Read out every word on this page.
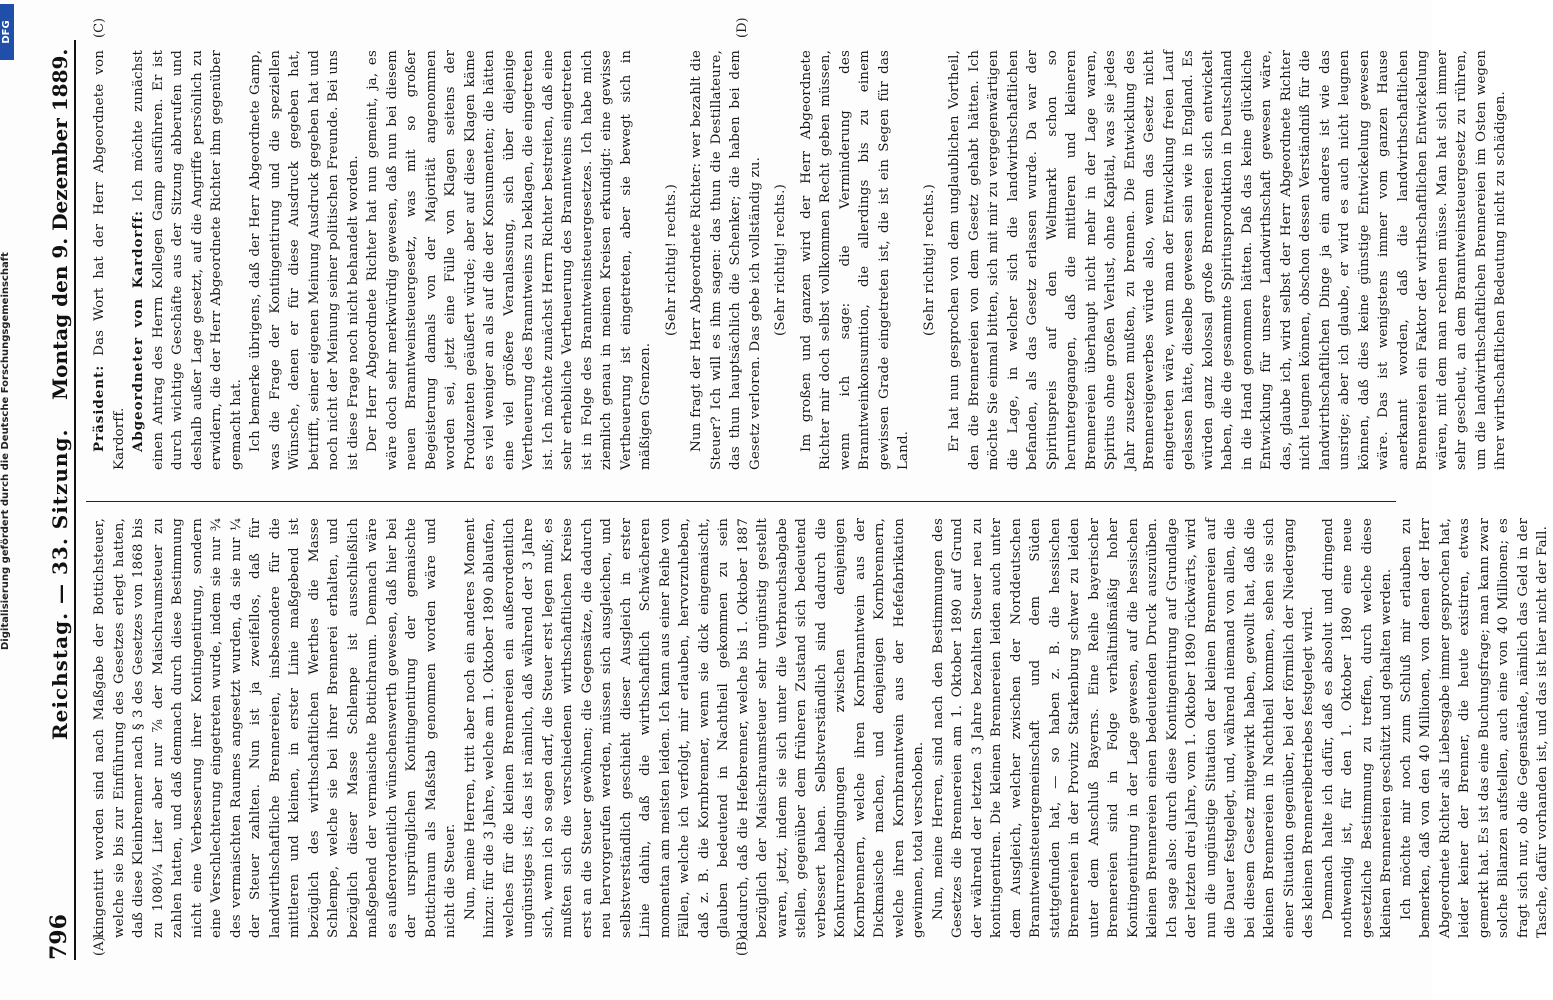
Digitalisierung gefördert durch die Deutsche Forschungsgemeinschaft
DFG
796
Reichstag. — 33. Sitzung.
Montag den 9. Dezember 1889.
(A)	(B)
(C)	(D)

kingentirt worden sind nach Maßgabe der Bottichsteuer, welche sie bis zur Einführung des Gesetzes erlegt hatten, daß diese Kleinbrenner nach § 3 des Gesetzes von 1868 bis zu 1080¼ Liter aber nur ⅞ der Maischraumsteuer zu zahlen hatten, und daß demnach durch diese Bestimmung nicht eine Verbesserung ihrer Kontingentirung, sondern eine Verschlechterung eingetreten wurde, indem sie nur ¾ des vermaischten Raumes angesetzt wurden, da sie nur ¼ der Steuer zahlten. Nun ist ja zweifellos, daß für landwirthschaftliche Brennereien, insbesondere für die mittleren und kleinen, in erster Linie maßgebend ist bezüglich des wirthschaftlichen Werthes die Masse Schlempe, welche sie bei ihrer Brennerei erhalten, und bezüglich dieser Masse Schlempe ist ausschließlich maßgebend der vermaischte Bottichraum. Demnach wäre es außerordentlich wünschenswerth gewesen, daß hier bei der ursprünglichen Kontingentirung der gemaischte Bottichraum als Maßstab genommen worden wäre und nicht die Steuer. Nun, meine Herren, tritt aber noch ein anderes Moment hinzu: für die 3 Jahre, welche am 1. Oktober 1890 ablaufen, welches für die kleinen Brennereien ein außerordentlich ungünstiges ist; das ist nämlich, daß während der 3 Jahre sich, wenn ich so sagen darf, die Steuer erst legen muß; es mußten sich die verschiedenen wirthschaftlichen Kreise erst an die Steuer gewöhnen; die Gegensätze, die dadurch neu hervorgerufen werden, müssen sich ausgleichen, und selbstverständlich geschieht dieser Ausgleich in erster Linie dahin, daß die wirthschaftlich Schwächeren momentan am meisten leiden. Ich kann aus einer Reihe von Fällen, welche ich verfolgt, mir erlauben, hervorzuheben, daß z. B. die Kornbrenner, wenn sie dick eingemaischt, glauben bedeutend in Nachtheil gekommen zu sein dadurch, daß die Hefebrenner, welche bis 1. Oktober 1887 bezüglich der Maischraumsteuer sehr ungünstig gestellt waren, jetzt, indem sie sich unter die Verbrauchsabgabe stellen, gegenüber dem früheren Zustand sich bedeutend verbessert haben. Selbstverständlich sind dadurch die Konkurrenzbedingungen zwischen denjenigen Kornbrennern, welche ihren Kornbranntwein aus der Dickmaische machen, und denjenigen Kornbrennern, welche ihren Kornbranntwein aus der Hefefabrikation gewinnen, total verschoben. Nun, meine Herren, sind nach den Bestimmungen des Gesetzes die Brennereien am 1. Oktober 1890 auf Grund der während der letzten 3 Jahre bezahlten Steuer neu zu kontingentiren. Die kleinen Brennereien leiden auch unter dem Ausgleich, welcher zwischen der Norddeutschen Branntweinsteuergemeinschaft und dem Süden stattgefunden hat, — so haben z. B. die hessischen Brennereien in der Provinz Starkenburg schwer zu leiden unter dem Anschluß Bayerns. Eine Reihe bayerischer Brennereien sind in Folge verhältnißmäßig hoher Kontingentirung in der Lage gewesen, auf die hessischen kleinen Brennereien einen bedeutenden Druck auszuüben. Ich sage also: durch diese Kontingentirung auf Grundlage der letzten drei Jahre, vom 1. Oktober 1890 rückwärts, wird nun die ungünstige Situation der kleinen Brennereien auf die Dauer festgelegt, und, während niemand von allen, die bei diesem Gesetz mitgewirkt haben, gewollt hat, daß die kleinen Brennereien in Nachtheil kommen, sehen sie sich einer Situation gegenüber, bei der förmlich der Niedergang des kleinen Brennereibetriebes festgelegt wird. Demnach halte ich dafür, daß es absolut und dringend nothwendig ist, für den 1. Oktober 1890 eine neue gesetzliche Bestimmung zu treffen, durch welche diese kleinen Brennereien geschützt und gehalten werden. Ich möchte mir noch zum Schluß mir erlauben zu bemerken, daß von den 40 Millionen, von denen der Herr Abgeordnete Richter als Liebesgabe immer gesprochen hat, leider keiner der Brenner, die heute existiren, etwas gemerkt hat. Es ist das eine Buchungsfrage; man kann zwar solche Bilanzen aufstellen, auch eine von 40 Millionen; es fragt sich nur, ob die Gegenstände, nämlich das Geld in der Tasche, dafür vorhanden ist, und das ist hier nicht der Fall.

Präsident: Das Wort hat der Herr Abgeordnete von Kardorff. Abgeordneter von Kardorff: Ich möchte zunächst einen Antrag des Herrn Kollegen Gamp ausführen. Er ist durch wichtige Geschäfte aus der Sitzung abberufen und deshalb außer Lage gesetzt, auf die Angriffe persönlich zu erwidern, die der Herr Abgeordnete Richter ihm gegenüber gemacht hat. Ich bemerke übrigens, daß der Herr Abgeordnete Gamp, was die Frage der Kontingentirung und die speziellen Wünsche, denen er für diese Ausdruck gegeben hat, betrifft, seiner eigenen Meinung Ausdruck gegeben hat und noch nicht der Meinung seiner politischen Freunde. Bei uns ist diese Frage noch nicht behandelt worden. Der Herr Abgeordnete Richter hat nun gemeint, ja, es wäre doch sehr merkwürdig gewesen, daß nun bei diesem neuen Branntweinsteuergesetz, was mit so großer Begeisterung damals von der Majorität angenommen worden sei, jetzt eine Fülle von Klagen seitens der Produzenten geäußert würde; aber auf diese Klagen käme es viel weniger an als auf die der Konsumenten; die hätten eine viel größere Veranlassung, sich über diejenige Vertheuerung des Branntweins zu beklagen, die eingetreten ist. Ich möchte zunächst Herrn Richter bestreiten, daß eine sehr erhebliche Vertheuerung des Branntweins eingetreten ist in Folge des Branntweinsteuergesetzes. Ich habe mich ziemlich genau in meinen Kreisen erkundigt: eine gewisse Vertheuerung ist eingetreten, aber sie bewegt sich in mäßigen Grenzen.

(Sehr richtig! rechts.) Nun fragt der Herr Abgeordnete Richter: wer bezahlt die Steuer? Ich will es ihm sagen: das thun die Destillateure, das thun hauptsächlich die Schenker; die haben bei dem Gesetz verloren. Das gebe ich vollständig zu. (Sehr richtig! rechts.) Im großen und ganzen wird der Herr Abgeordnete Richter mir doch selbst vollkommen Recht geben müssen, wenn ich sage: die Verminderung des Branntweinkonsumtion, die allerdings bis zu einem gewissen Grade eingetreten ist, die ist ein Segen für das Land.

(Sehr richtig! rechts.) Er hat nun gesprochen von dem unglaublichen Vortheil, den die Brennereien von dem Gesetz gehabt hätten. Ich möchte Sie einmal bitten, sich mit mir zu vergegenwärtigen die Lage, in welcher sich die landwirthschaftlichen befanden, als das Gesetz erlassen wurde. Da war der Spirituspreis auf den Weltmarkt schon so heruntergegangen, daß die mittleren und kleineren Brennereien überhaupt nicht mehr in der Lage waren, Spiritus ohne großen Verlust, ohne Kapital, was sie jedes Jahr zusetzen mußten, zu brennen. Die Entwicklung des Brennereigewerbes würde also, wenn das Gesetz nicht eingetreten wäre, wenn man der Entwicklung freien Lauf gelassen hätte, dieselbe gewesen sein wie in England. Es würden ganz kolossal große Brennereien sich entwickelt haben, die die gesammte Spiritusproduktion in Deutschland in die Hand genommen hätten. Daß das keine glückliche Entwicklung für unsere Landwirthschaft gewesen wäre, das, glaube ich, wird selbst der Herr Abgeordnete Richter nicht leugnen können, obschon dessen Verständniß für die landwirthschaftlichen Dinge ja ein anderes ist wie das unsrige; aber ich glaube, er wird es auch nicht leugnen können, daß dies keine günstige Entwickelung gewesen wäre. Das ist wenigstens immer vom ganzen Hause anerkannt worden, daß die landwirthschaftlichen Brennereien ein Faktor der wirthschaftlichen Entwickelung wären, mit dem man rechnen müsse. Man hat sich immer sehr gescheut, an dem Branntweinsteuergesetz zu rühren, um die landwirthschaftlichen Brennereien im Osten wegen ihrer wirthschaftlichen Bedeutung nicht zu schädigen.
